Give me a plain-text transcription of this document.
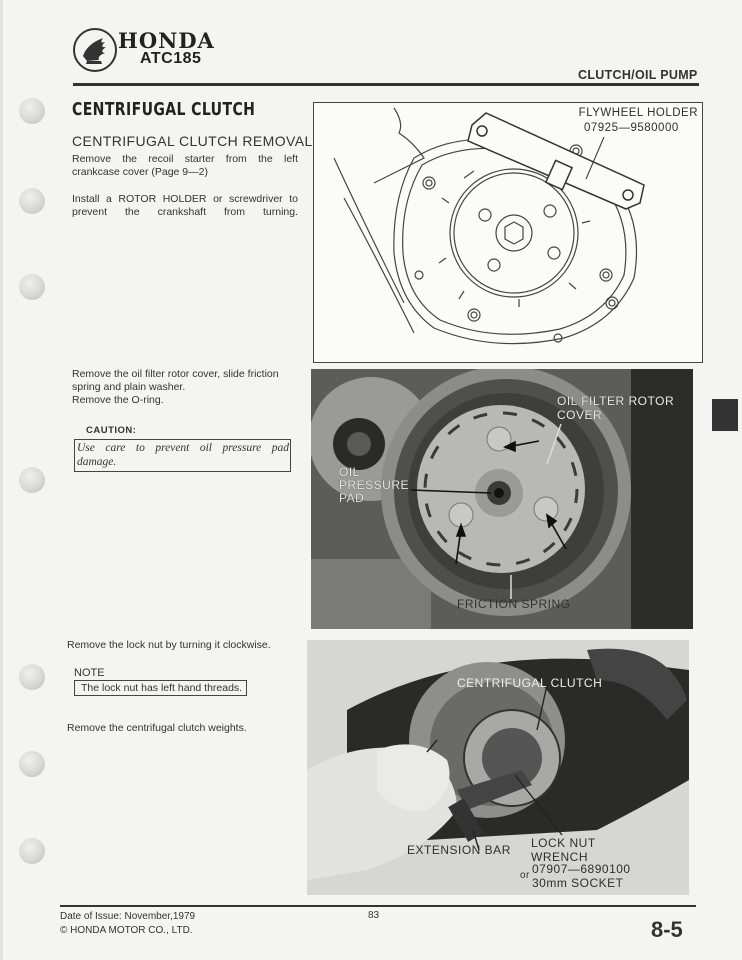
HONDA
ATC185
CLUTCH/OIL PUMP
CENTRIFUGAL CLUTCH
CENTRIFUGAL CLUTCH REMOVAL
Remove the recoil starter from the left crankcase cover (Page 9—2)
Install a ROTOR HOLDER or screwdriver to prevent the crankshaft from turning.
Remove the oil filter rotor cover, slide friction spring and plain washer.
Remove the O-ring.
CAUTION:
Use care to prevent oil pressure pad damage.
Remove the lock nut by turning it clockwise.
NOTE
The lock nut has left hand threads.
Remove the centrifugal clutch weights.
FLYWHEEL HOLDER
07925—9580000
OIL FILTER ROTOR
COVER
OIL
PRESSURE
PAD
FRICTION SPRING
CENTRIFUGAL CLUTCH
EXTENSION BAR LOCK NUT
WRENCH
or 07907—6890100
30mm SOCKET
Date of Issue: November,1979
© HONDA MOTOR CO., LTD.
83
8-5
